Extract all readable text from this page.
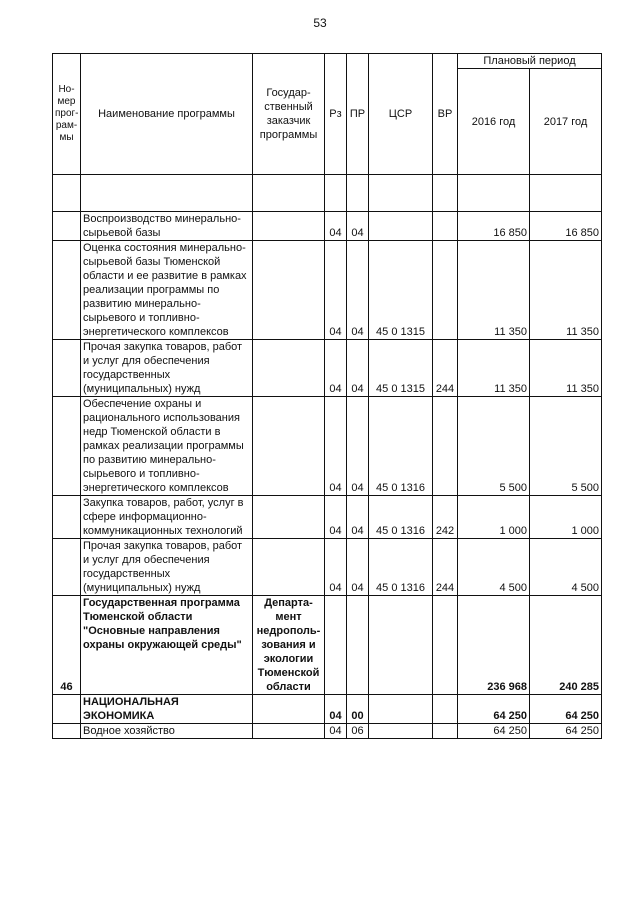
53
Но-мер прог-рам-мы	Наименование программы	Государ-ственный заказчик программы	Рз	ПР	ЦСР	ВР	Плановый период	
							2016 год	2017 год

	Воспроизводство минерально-сырьевой базы		04	04			16 850	16 850
	Оценка состояния минерально-сырьевой базы Тюменской области и ее развитие в рамках реализации программы по развитию минерально-сырьевого и топливно-энергетического комплексов		04	04	45 0 1315		11 350	11 350
	Прочая закупка товаров, работ и услуг для обеспечения государственных (муниципальных) нужд		04	04	45 0 1315	244	11 350	11 350
	Обеспечение охраны и рационального использования недр Тюменской области в рамках реализации программы по развитию минерально-сырьевого и топливно-энергетического комплексов		04	04	45 0 1316		5 500	5 500
	Закупка товаров, работ, услуг в сфере информационно-коммуникационных технологий		04	04	45 0 1316	242	1 000	1 000
	Прочая закупка товаров, работ и услуг для обеспечения государственных (муниципальных) нужд		04	04	45 0 1316	244	4 500	4 500
46	Государственная программа Тюменской области "Основные направления охраны окружающей среды"	Департа-мент недрополь-зования и экологии Тюменской области					236 968	240 285
	НАЦИОНАЛЬНАЯ ЭКОНОМИКА		04	00			64 250	64 250
	Водное хозяйство		04	06			64 250	64 250
